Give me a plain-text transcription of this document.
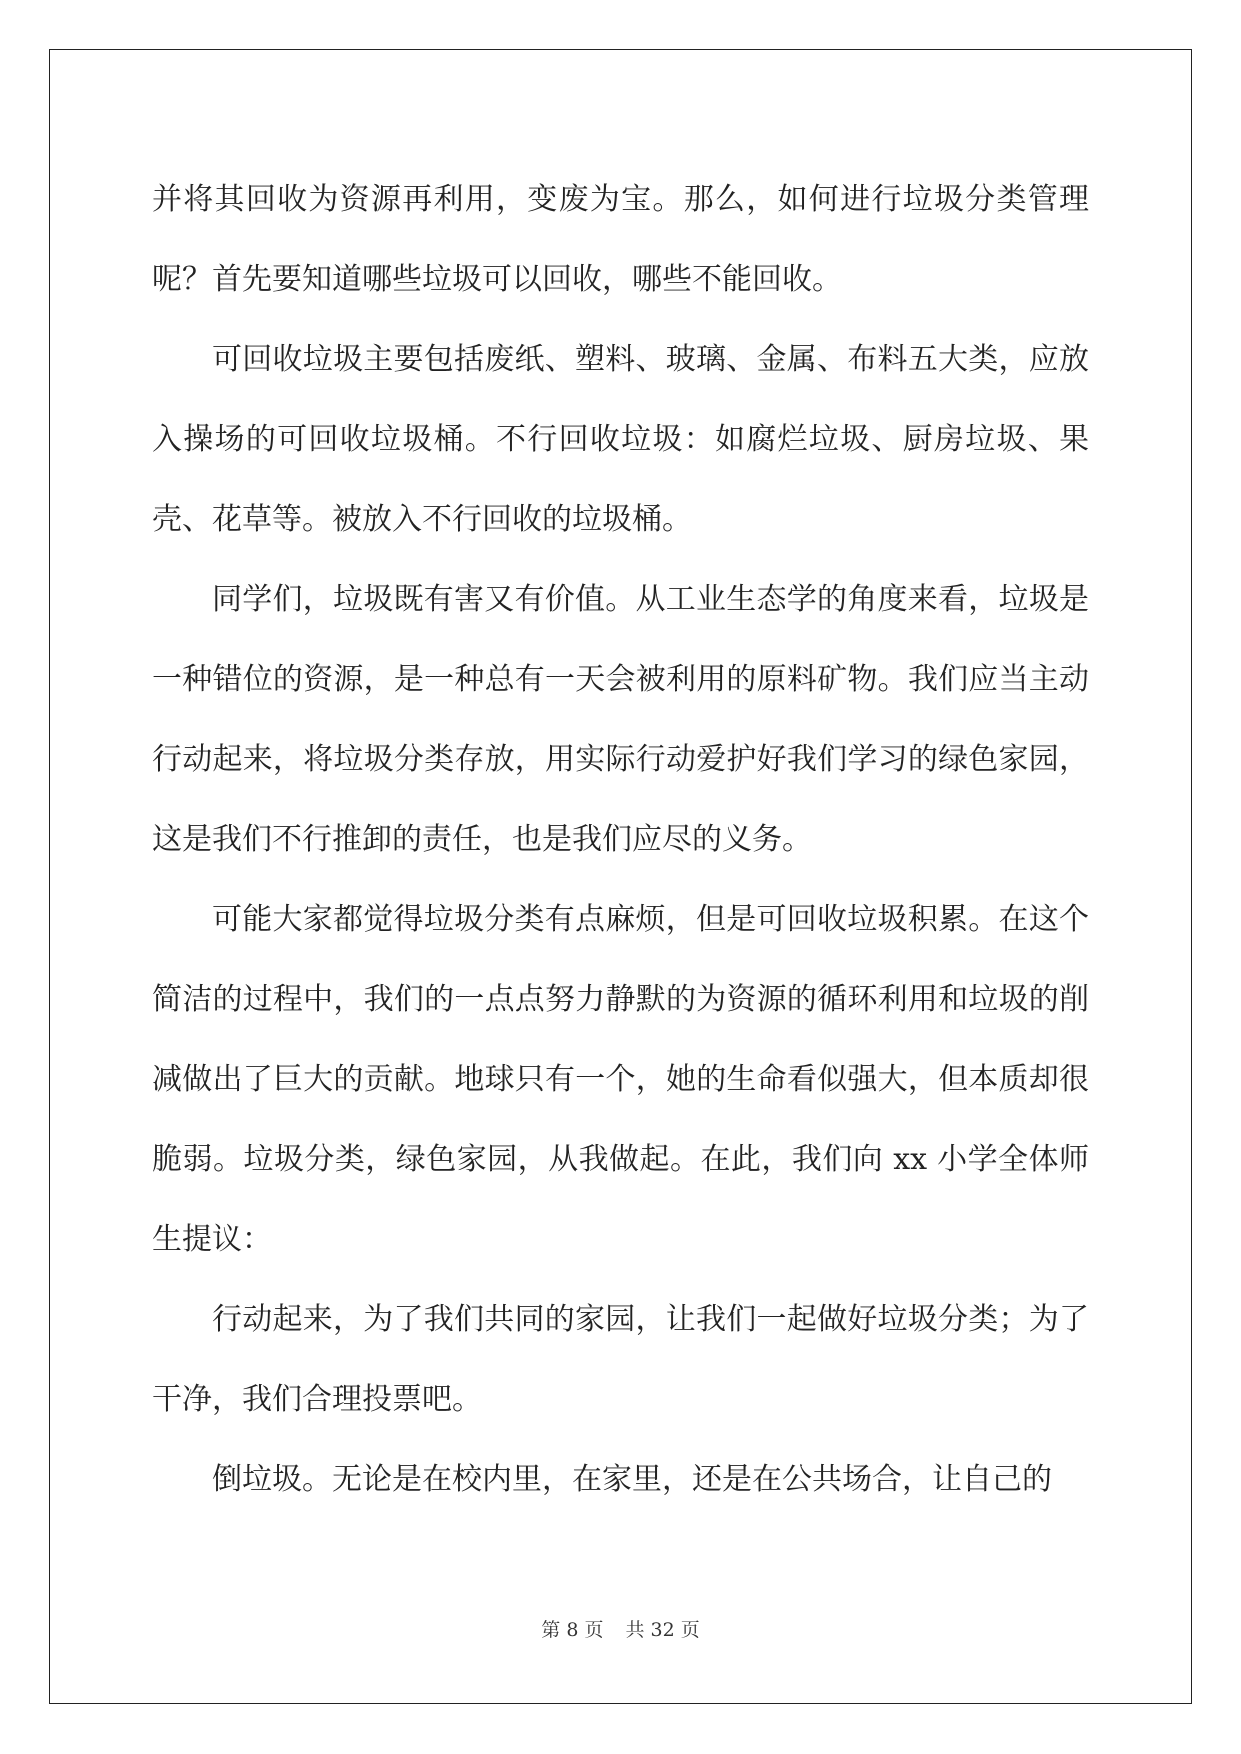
并将其回收为资源再利用，变废为宝。那么，如何进行垃圾分类管理呢？首先要知道哪些垃圾可以回收，哪些不能回收。

可回收垃圾主要包括废纸、塑料、玻璃、金属、布料五大类，应放入操场的可回收垃圾桶。不行回收垃圾：如腐烂垃圾、厨房垃圾、果壳、花草等。被放入不行回收的垃圾桶。

同学们，垃圾既有害又有价值。从工业生态学的角度来看，垃圾是一种错位的资源，是一种总有一天会被利用的原料矿物。我们应当主动行动起来，将垃圾分类存放，用实际行动爱护好我们学习的绿色家园，这是我们不行推卸的责任，也是我们应尽的义务。

可能大家都觉得垃圾分类有点麻烦，但是可回收垃圾积累。在这个简洁的过程中，我们的一点点努力静默的为资源的循环利用和垃圾的削减做出了巨大的贡献。地球只有一个，她的生命看似强大，但本质却很脆弱。垃圾分类，绿色家园，从我做起。在此，我们向 xx 小学全体师生提议：

行动起来，为了我们共同的家园，让我们一起做好垃圾分类；为了干净，我们合理投票吧。

倒垃圾。无论是在校内里，在家里，还是在公共场合，让自己的

第 8 页 共 32 页
